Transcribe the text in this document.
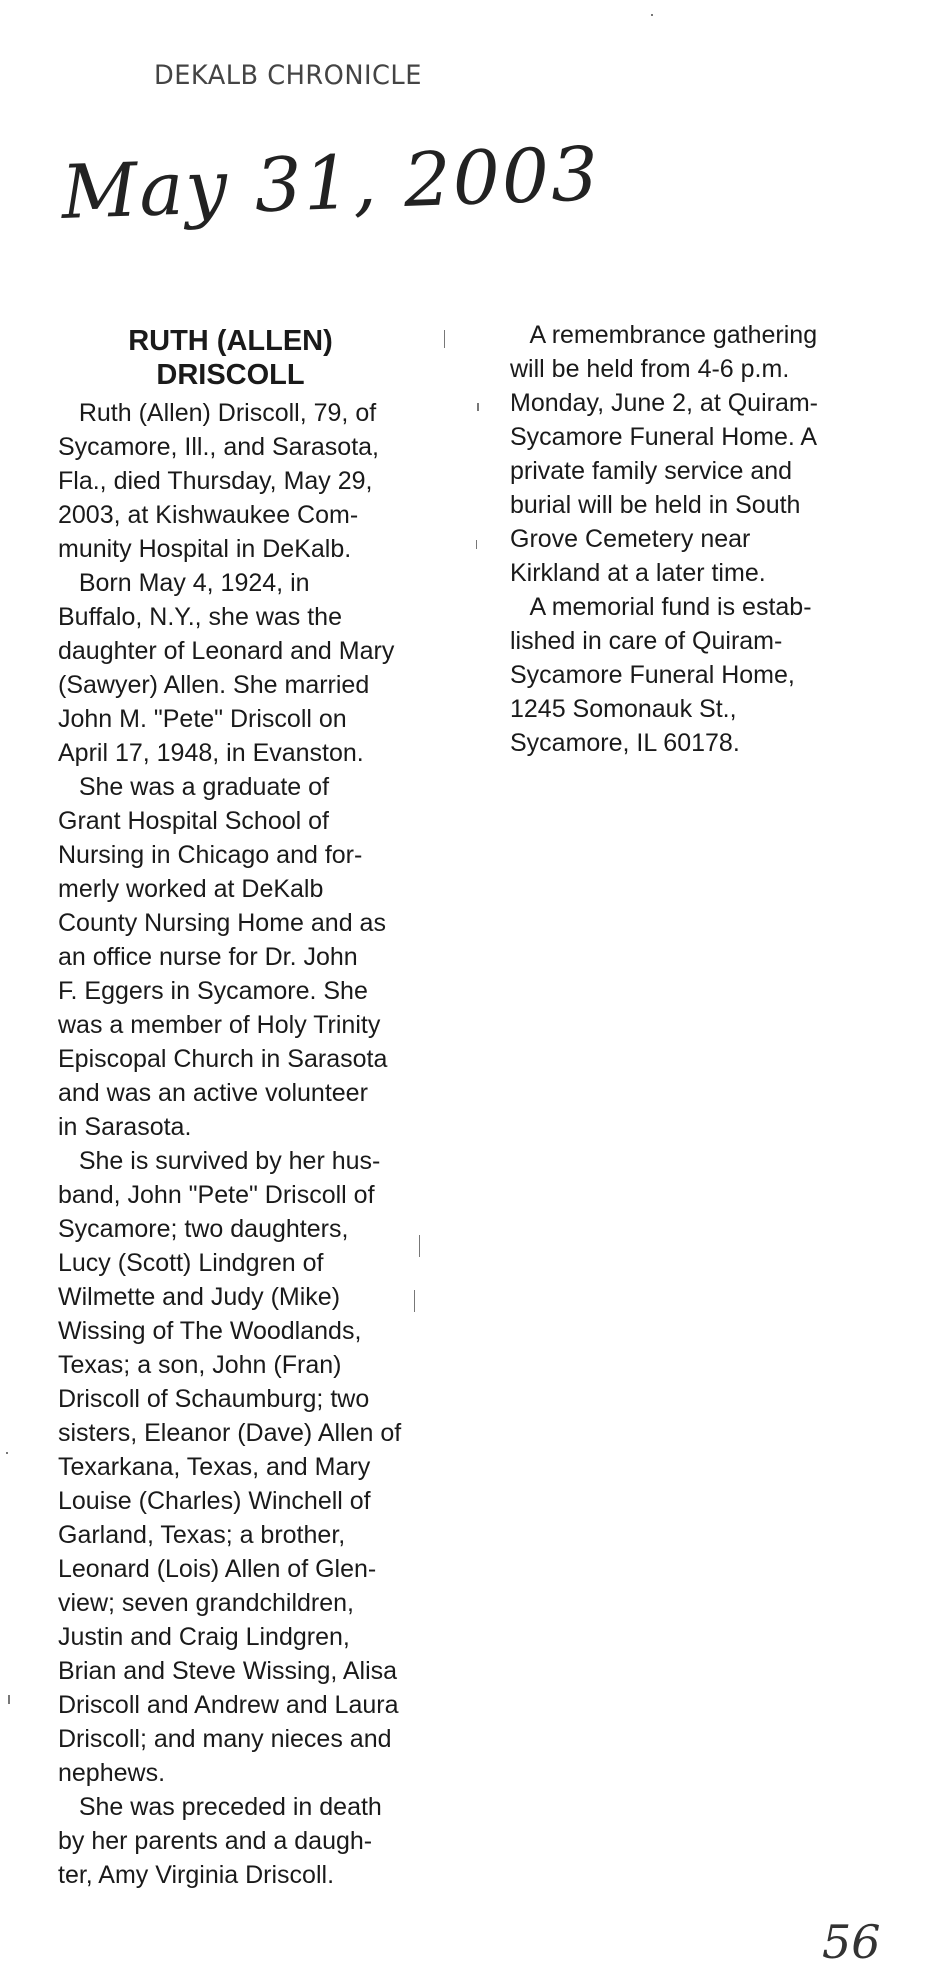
DEKALB CHRONICLE
May 31, 2003
RUTH (ALLEN)
DRISCOLL
Ruth (Allen) Driscoll, 79, of
Sycamore, Ill., and Sarasota,
Fla., died Thursday, May 29,
2003, at Kishwaukee Com-
munity Hospital in DeKalb.
Born May 4, 1924, in
Buffalo, N.Y., she was the
daughter of Leonard and Mary
(Sawyer) Allen. She married
John M. "Pete" Driscoll on
April 17, 1948, in Evanston.
She was a graduate of
Grant Hospital School of
Nursing in Chicago and for-
merly worked at DeKalb
County Nursing Home and as
an office nurse for Dr. John
F. Eggers in Sycamore. She
was a member of Holy Trinity
Episcopal Church in Sarasota
and was an active volunteer
in Sarasota.
She is survived by her hus-
band, John "Pete" Driscoll of
Sycamore; two daughters,
Lucy (Scott) Lindgren of
Wilmette and Judy (Mike)
Wissing of The Woodlands,
Texas; a son, John (Fran)
Driscoll of Schaumburg; two
sisters, Eleanor (Dave) Allen of
Texarkana, Texas, and Mary
Louise (Charles) Winchell of
Garland, Texas; a brother,
Leonard (Lois) Allen of Glen-
view; seven grandchildren,
Justin and Craig Lindgren,
Brian and Steve Wissing, Alisa
Driscoll and Andrew and Laura
Driscoll; and many nieces and
nephews.
She was preceded in death
by her parents and a daugh-
ter, Amy Virginia Driscoll.
A remembrance gathering
will be held from 4-6 p.m.
Monday, June 2, at Quiram-
Sycamore Funeral Home. A
private family service and
burial will be held in South
Grove Cemetery near
Kirkland at a later time.
A memorial fund is estab-
lished in care of Quiram-
Sycamore Funeral Home,
1245 Somonauk St.,
Sycamore, IL 60178.
56
